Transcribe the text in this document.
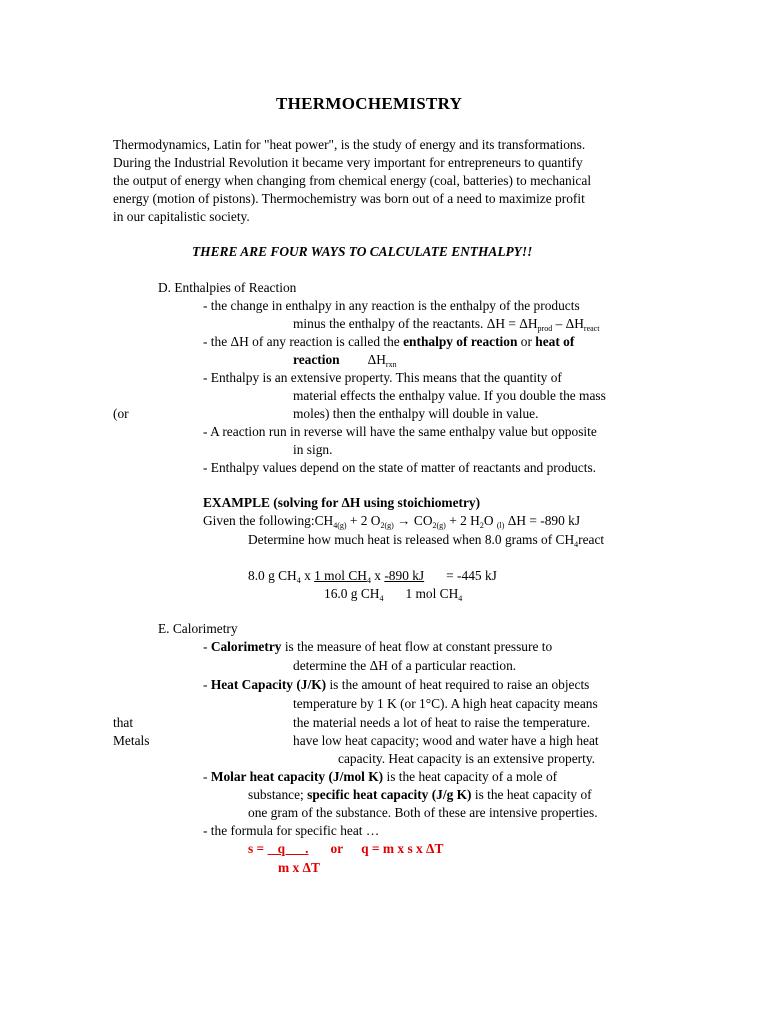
THERMOCHEMISTRY
Thermodynamics, Latin for "heat power", is the study of energy and its transformations.
During the Industrial Revolution it became very important for entrepreneurs to quantify
the output of energy when changing from chemical energy (coal, batteries) to mechanical
energy (motion of pistons). Thermochemistry was born out of a need to maximize profit
in our capitalistic society.
THERE ARE FOUR WAYS TO CALCULATE ENTHALPY!!
D. Enthalpies of Reaction
- the change in enthalpy in any reaction is the enthalpy of the products
minus the enthalpy of the reactants. $\Delta H = \Delta H_{prod} - \Delta H_{react}$
- the ΔH of any reaction is called the enthalpy of reaction or heat of
reaction $\Delta H_{rxn}$
- Enthalpy is an extensive property. This means that the quantity of
material effects the enthalpy value. If you double the mass
(or	moles) then the enthalpy will double in value.
- A reaction run in reverse will have the same enthalpy value but opposite
in sign.
- Enthalpy values depend on the state of matter of reactants and products.
EXAMPLE (solving for ΔH using stoichiometry)
Given the $following:CH_{4(g)} + 2$ $O_{2(g)} \to CO_{2(g)} + 2$ $H_2O$ $_{(l)}$ ΔH = -890 kJ
Determine how much heat is released when 8.0 grams of $CH_4react$
8.0 g $CH_4$ x 1 mol $CH_4$ x -890 kJ = -445 kJ
16.0 g $CH_4$ 1 mol $CH_4$
E. Calorimetry
- Calorimetry is the measure of heat flow at constant pressure to
determine the ΔH of a particular reaction.
- Heat Capacity (J/K) is the amount of heat required to raise an objects
temperature by 1 K (or 1°C). A high heat capacity means
that	the material needs a lot of heat to raise the temperature.
Metals	have low heat capacity; wood and water have a high heat
capacity. Heat capacity is an extensive property.
- Molar heat capacity (J/mol K) is the heat capacity of a mole of
substance; specific heat capacity (J/g K) is the heat capacity of
one gram of the substance. Both of these are intensive properties.
- the formula for specific heat …
s =    q      . or q = m x s x ΔT
m x ΔT
